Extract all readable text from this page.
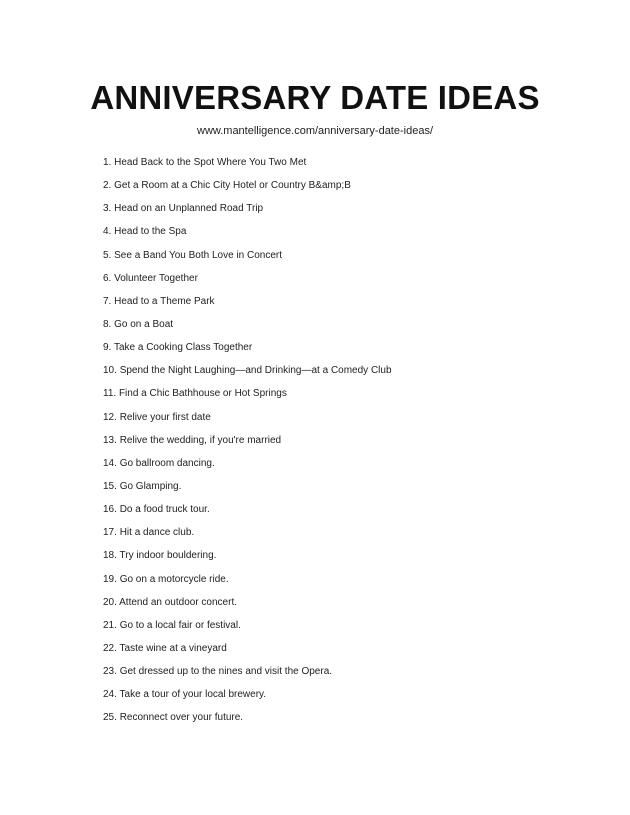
ANNIVERSARY DATE IDEAS
www.mantelligence.com/anniversary-date-ideas/
1. Head Back to the Spot Where You Two Met
2. Get a Room at a Chic City Hotel or Country B&amp;B
3. Head on an Unplanned Road Trip
4. Head to the Spa
5. See a Band You Both Love in Concert
6. Volunteer Together
7. Head to a Theme Park
8. Go on a Boat
9. Take a Cooking Class Together
10. Spend the Night Laughing—and Drinking—at a Comedy Club
11. Find a Chic Bathhouse or Hot Springs
12. Relive your first date
13. Relive the wedding, if you're married
14. Go ballroom dancing.
15. Go Glamping.
16. Do a food truck tour.
17. Hit a dance club.
18. Try indoor bouldering.
19. Go on a motorcycle ride.
20. Attend an outdoor concert.
21. Go to a local fair or festival.
22. Taste wine at a vineyard
23. Get dressed up to the nines and visit the Opera.
24. Take a tour of your local brewery.
25. Reconnect over your future.
